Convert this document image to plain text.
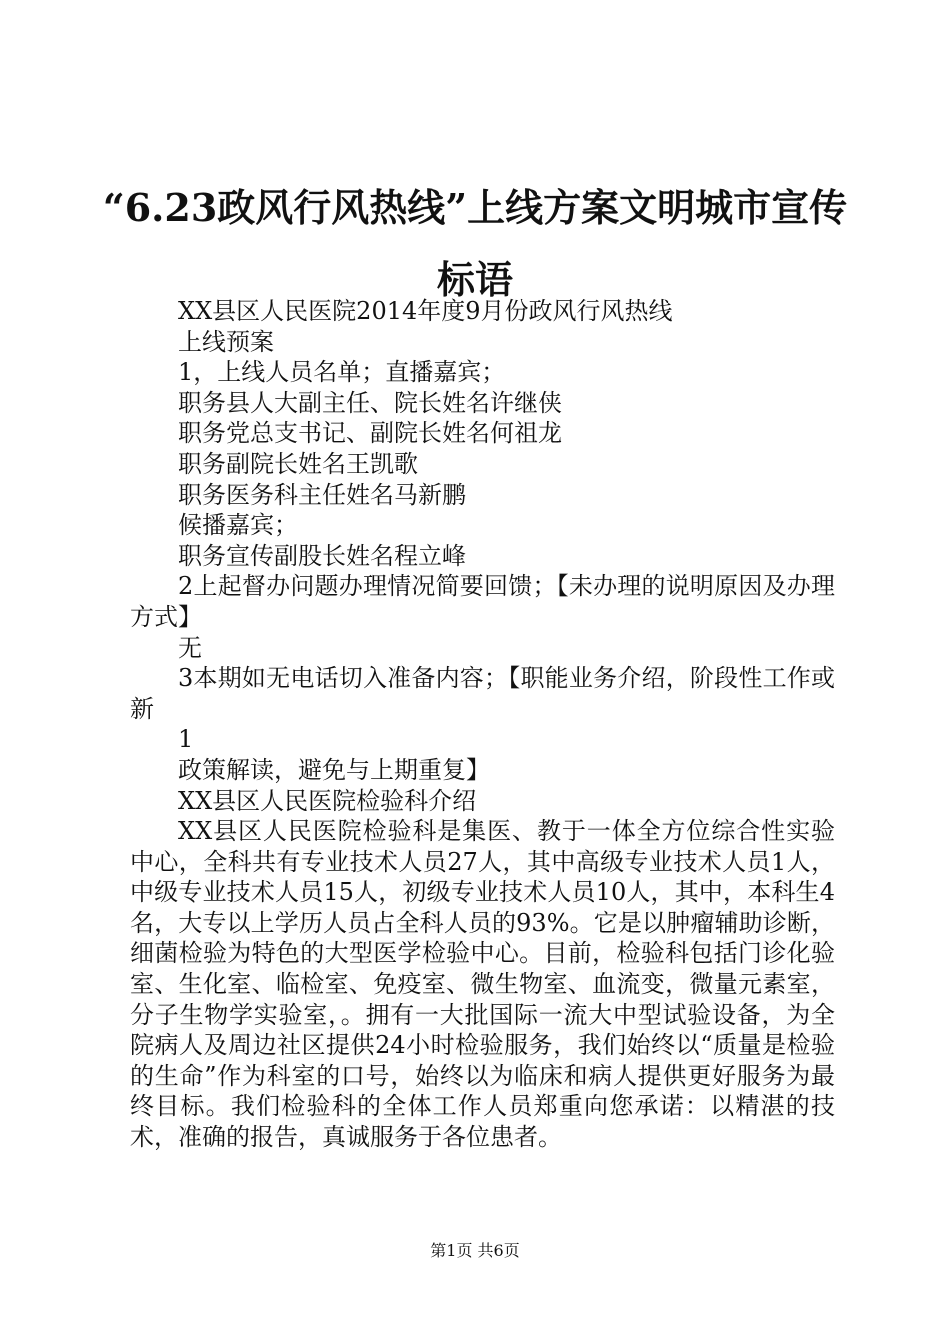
“6.23政风行风热线”上线方案文明城市宣传标语

XX县区人民医院2014年度9月份政风行风热线

上线预案

1，上线人员名单；直播嘉宾；

职务县人大副主任、院长姓名许继侠

职务党总支书记、副院长姓名何祖龙

职务副院长姓名王凯歌

职务医务科主任姓名马新鹏

候播嘉宾；

职务宣传副股长姓名程立峰

2上起督办问题办理情况简要回馈；【未办理的说明原因及办理方式】

无

3本期如无电话切入准备内容；【职能业务介绍，阶段性工作或新

1

政策解读，避免与上期重复】

XX县区人民医院检验科介绍

XX县区人民医院检验科是集医、教于一体全方位综合性实验中心，全科共有专业技术人员27人，其中高级专业技术人员1人，中级专业技术人员15人，初级专业技术人员10人，其中，本科生4名，大专以上学历人员占全科人员的93%。它是以肿瘤辅助诊断，细菌检验为特色的大型医学检验中心。目前，检验科包括门诊化验室、生化室、临检室、免疫室、微生物室、血流变，微量元素室，分子生物学实验室，。拥有一大批国际一流大中型试验设备，为全院病人及周边社区提供24小时检验服务，我们始终以“质量是检验的生命”作为科室的口号，始终以为临床和病人提供更好服务为最终目标。我们检验科的全体工作人员郑重向您承诺：以精湛的技术，准确的报告，真诚服务于各位患者。

第1页 共6页
